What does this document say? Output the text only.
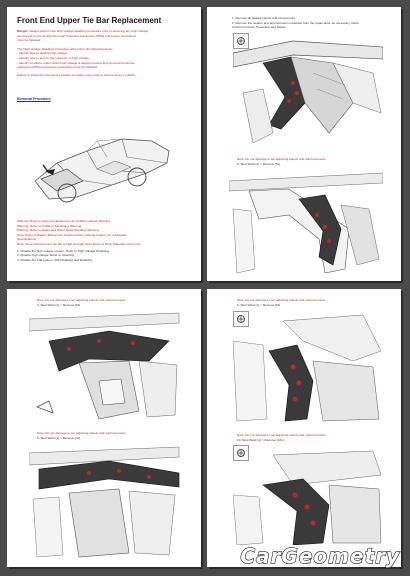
Front End Upper Tie Bar Replacement
Danger: Always perform the high voltage disabling procedure prior to servicing any high voltage
component or connecting Personal Protective Equipment (PPE) and proper procedures
must be followed.
The High Voltage Disabling procedure will perform the following tasks:
- Identify how to disable high voltage.
- Identify how to test for the presence of high voltage.
- Identify condition under which high voltage is always present and personal protective
equipment (PPE) and proper procedures must be followed.
Failure to follow the procedures exactly as written may result in serious injury or death.
Removal Procedure
Warning: Refer to Approved Equipment for Collision Repair Warning.
Warning: Refer to Collision Sectioning Warning.
Warning: Refer to Glass and Sheet Metal Handling Warning.
Note: Refer to Battery Disconnect Caution before starting repairs. Do not Repair
Specifications.
Note: Steel and Aluminum tie bar is high strength steel. Refer to Body Materials Info (note)
1. Disable the high voltage system. Refer to High Voltage Disabling.
2. Disable high voltage. Refer to Cleaning.
3. Disable the SIR system. SIR Disabling and Enabling.
1. Remove all related panels and components.
2. Remove the sealers and anti-corrosion materials from the repair area, as necessary. Refer
to Anti-Corrosion Treatment and Repair.
Note: Do not damage to car adjoining panels and reinforcements.
3. Spot Weld (1) > Remove [5x]
Note: Do not damage to car adjoining panels and reinforcements.
4. Spot Weld (1) > Remove [5x]
Note: Do not damage to car adjoining panels and reinforcements.
5. Spot Weld (1) > Remove [3x]
Note: Do not damage to car adjoining panels and reinforcements.
6. Spot Weld (1) > Remove [5x]
Note: Do not damage to car adjoining panels and reinforcements.
10. Spot Weld (1) > Remove [16x]
CarGeometry
